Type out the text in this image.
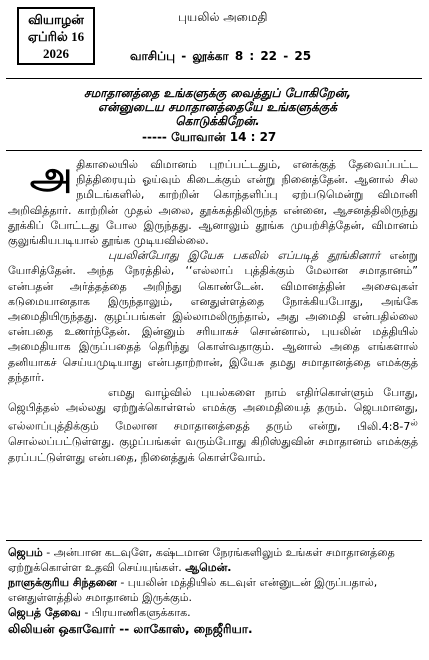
வியாழன்
ஏப்ரில் 16
2026
புயலில் அமைதி
வாசிப்பு - லூக்கா 8 : 22 - 25

சமாதானத்தை உங்களுக்கு வைத்துப் போகிறேன்,

என்னுடைய சமாதானத்தையே உங்களுக்குக்

கொடுக்கிறேன்.

----- யோவான் 14 : 27

அதிகாலையில் விமானம் புறப்பட்டதும், எனக்குத் தேவைப்பட்ட நித்திரையும் ஓய்வும் கிடைக்கும் என்று நினைத்தேன். ஆனால் சில நமிடங்களில், காற்றின் கொந்தளிப்பு ஏற்படுமென்று விமானி அறிவித்தார். காற்றின் முதல் அலை, தூக்கத்திலிருந்த என்னை, ஆசனத்திலிருந்து தூக்கிப் போட்டது போல இருந்தது. ஆனாலும் தூங்க முயற்சித்தேன், விமானம் குலுங்கியபடியால் தூங்க முடியவில்லை.

புயலின்போது இயேசு பகலில் எப்படித் தூங்கினார் என்று யோசித்தேன். அந்த நேரத்தில், ‘‘எல்லாப் புத்திக்கும் மேலான சமாதானம்” என்பதன் அர்த்தத்தை அறிந்து கொண்டேன். விமானத்தின் அசைவுகள் கடுமையானதாக இருந்தாலும், எனதுள்ளத்தை நோக்கியபோது, அங்கே அமைதியிருந்தது. குழப்பங்கள் இல்லாமலிருந்தால், அது அமைதி என்பதில்லை என்பதை உணர்ந்தேன். இன்னும் சரியாகச் சொன்னால், புயலின் மத்தியில் அமைதியாக இருப்பதைத் தெரிந்து கொள்வதாகும். ஆனால் அதை எங்களால் தனியாகச் செய்யமுடியாது என்பதாற்றான், இயேசு தமது சமாதானத்தை எமக்குத் தந்தார்.

எமது வாழ்வில் புயல்களை நாம் எதிர்கொள்ளும் போது, ஜெபித்தல் அல்லது ஏற்றுக்கொள்ளல் எமக்கு அமைதியைத் தரும். ஜெபமானது, எல்லாப்புத்திக்கும் மேலான சமாதானத்தைத் தரும் என்று, $பிலி.4:8-7^{ல்}$ சொல்லப்பட்டுள்ளது. குழப்பங்கள் வரும்போது கிறிஸ்துவின் சமாதானம் எமக்குத் தரப்பட்டுள்ளது என்பதை, நினைத்துக் கொள்வோம்.

ஜெபம் - அன்பான கடவுளே, கஷ்டமான நேரங்களிலும் உங்கள் சமாதானத்தை ஏற்றுக்கொள்ள உதவி செய்யுங்கள். ஆமென்.

நாளுக்குரிய சிந்தனை - புயலின் மத்தியில் கடவுள் என்னுடன் இருப்பதால், எனதுள்ளத்தில் சமாதானம் இருக்கும்.

ஜெபத் தேவை - பிரயாணிகளுக்காக.

லிலியன் ஒகாவோர் -- லாகோஸ், நைஜீரியா.
